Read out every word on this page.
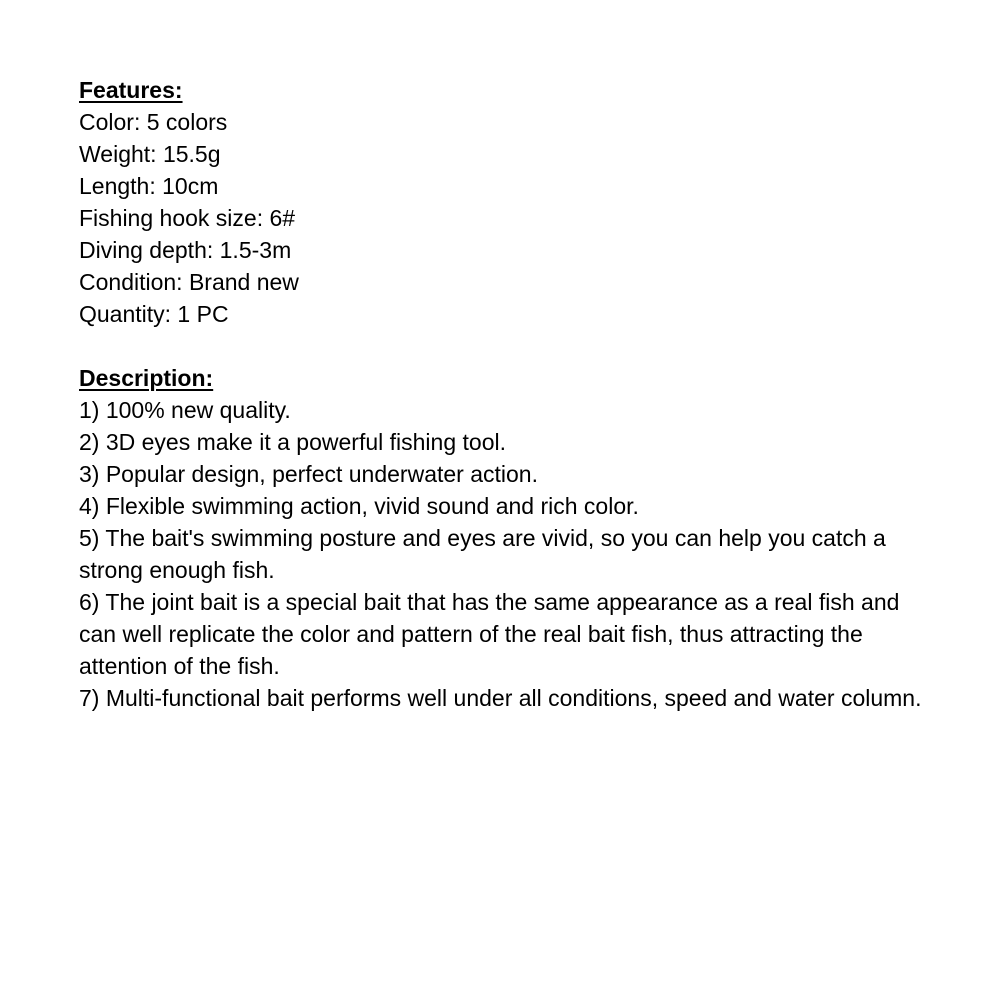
Features:
Color: 5 colors
Weight: 15.5g
Length: 10cm
Fishing hook size: 6#
Diving depth: 1.5-3m
Condition: Brand new
Quantity: 1 PC
Description:
1) 100% new quality.
2) 3D eyes make it a powerful fishing tool.
3) Popular design, perfect underwater action.
4) Flexible swimming action, vivid sound and rich color.
5) The bait's swimming posture and eyes are vivid, so you can help you catch a strong enough fish.
6) The joint bait is a special bait that has the same appearance as a real fish and can well replicate the color and pattern of the real bait fish, thus attracting the attention of the fish.
7) Multi-functional bait performs well under all conditions, speed and water column.
